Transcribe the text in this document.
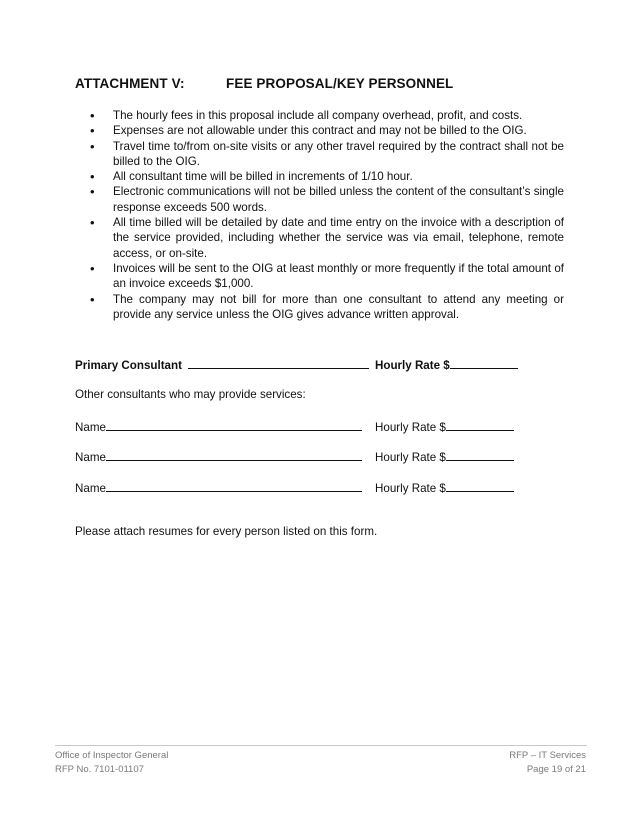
ATTACHMENT V:	FEE PROPOSAL/KEY PERSONNEL
• The hourly fees in this proposal include all company overhead, profit, and costs.
• Expenses are not allowable under this contract and may not be billed to the OIG.
• Travel time to/from on-site visits or any other travel required by the contract shall not be billed to the OIG.
• All consultant time will be billed in increments of 1/10 hour.
• Electronic communications will not be billed unless the content of the consultant’s single response exceeds 500 words.
• All time billed will be detailed by date and time entry on the invoice with a description of the service provided, including whether the service was via email, telephone, remote access, or on-site.
• Invoices will be sent to the OIG at least monthly or more frequently if the total amount of an invoice exceeds $1,000.
• The company may not bill for more than one consultant to attend any meeting or provide any service unless the OIG gives advance written approval.
Primary Consultant	Hourly Rate $
Other consultants who may provide services:
Name	Hourly Rate $
Name	Hourly Rate $
Name	Hourly Rate $
Please attach resumes for every person listed on this form.
Office of Inspector General
RFP No. 7101-01107
RFP – IT Services
Page 19 of 21
